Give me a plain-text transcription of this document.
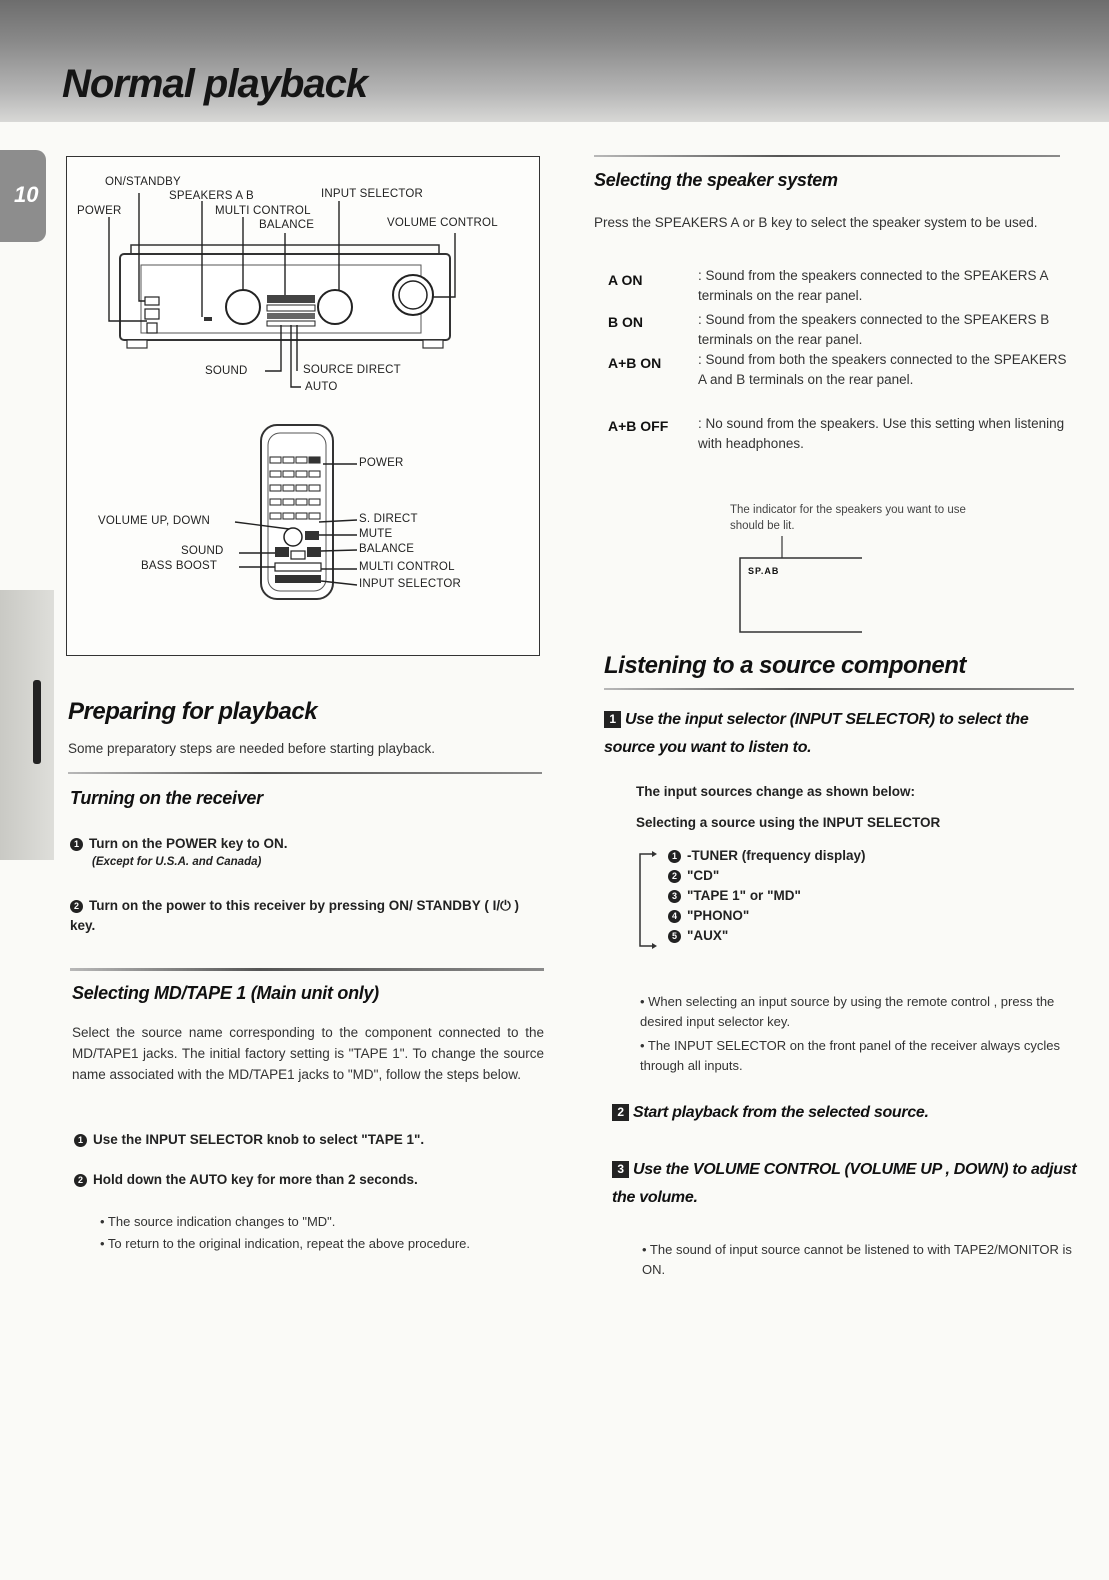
Normal playback
10	ON/STANDBY
SPEAKERS A B	INPUT SELECTOR
POWER	MULTI CONTROL
BALANCE	VOLUME CONTROL
SOUND	SOURCE DIRECT
AUTO
POWER
VOLUME UP, DOWN	S. DIRECT
MUTE
SOUND	BALANCE
BASS BOOST	MULTI CONTROL
INPUT SELECTOR
Preparing for playback
Some preparatory steps are needed before starting playback.
Turning on the receiver
1 Turn on the POWER key to ON.
(Except for U.S.A. and Canada)
2 Turn on the power to this receiver by pressing ON/ STANDBY ( I/⏻ ) key.
Selecting MD/TAPE 1 (Main unit only)
Select the source name corresponding to the component connected to the MD/TAPE1 jacks. The initial factory setting is "TAPE 1". To change the source name associated with the MD/TAPE1 jacks to "MD", follow the steps below.
1 Use the INPUT SELECTOR knob to select "TAPE 1".
2 Hold down the AUTO key for more than 2 seconds.
• The source indication changes to "MD".
• To return to the original indication, repeat the above procedure.
Selecting the speaker system
Press the SPEAKERS A or B key to select the speaker system to be used.
A ON	: Sound from the speakers connected to the SPEAKERS A terminals on the rear panel.
B ON	: Sound from the speakers connected to the SPEAKERS B terminals on the rear panel.
A+B ON	: Sound from both the speakers connected to the SPEAKERS A and B terminals on the rear panel.
A+B OFF : No sound from the speakers. Use this setting when listening with headphones.
The indicator for the speakers you want to use should be lit.
SP.AB
Listening to a source component
1 Use the input selector (INPUT SELECTOR) to select the source you want to listen to.
The input sources change as shown below:
Selecting a source using the INPUT SELECTOR
1 -TUNER (frequency display)
2 "CD"
3 "TAPE 1" or "MD"
4 "PHONO"
5 "AUX"
• When selecting an input source by using the remote control , press the desired input selector key.
• The INPUT SELECTOR on the front panel of the receiver always cycles through all inputs.
2 Start playback from the selected source.
3 Use the VOLUME CONTROL (VOLUME UP , DOWN) to adjust the volume.
• The sound of input source cannot be listened to with TAPE2/MONITOR is ON.
